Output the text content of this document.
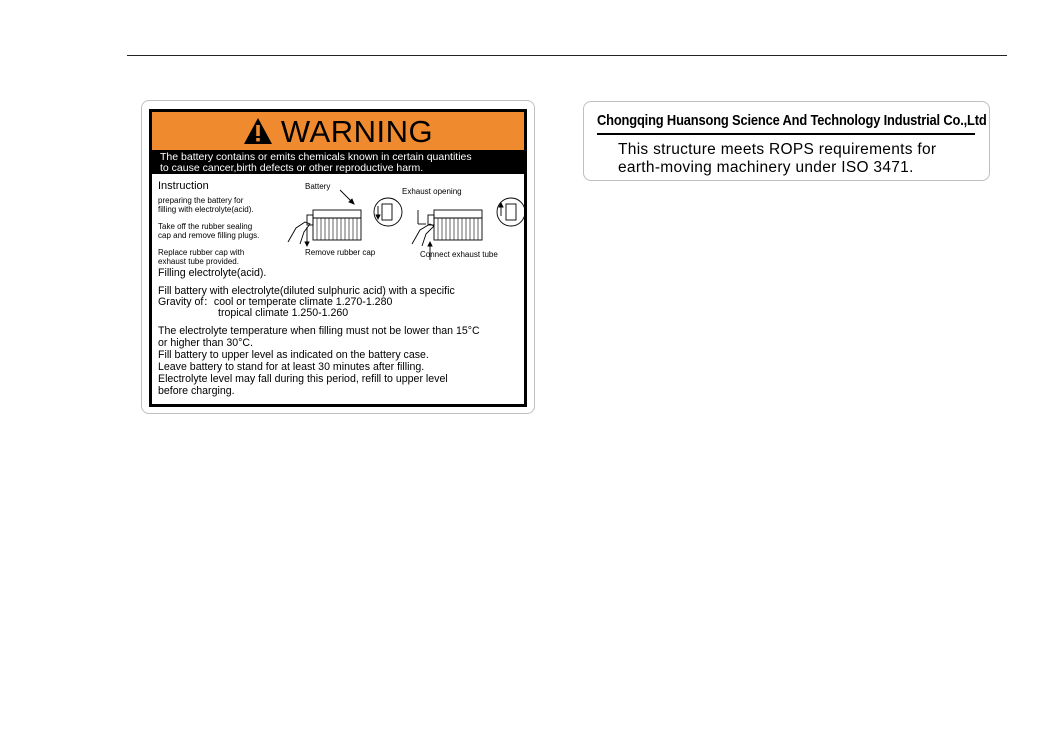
WARNING
The battery contains or emits chemicals known in certain quantities
to cause cancer,birth defects or other reproductive harm.
Instruction
preparing the battery for
filling with electrolyte(acid).
Take off the rubber sealing
cap and remove filling plugs.
Replace rubber cap with
exhaust tube provided.
Battery
Exhaust opening
Remove rubber cap	Connect exhaust tube
Filling electrolyte(acid).
Fill battery with electrolyte(diluted sulphuric acid) with a specific
Gravity of：cool or temperate climate 1.270-1.280
tropical climate 1.250-1.260
The electrolyte temperature when filling must not be lower than 15°C
or higher than 30°C.
Fill battery to upper level as indicated on the battery case.
Leave battery to stand for at least 30 minutes after filling.
Electrolyte level may fall during this period, refill to upper level
before charging.
Chongqing Huansong Science And Technology Industrial Co.,Ltd
This structure meets ROPS requirements for
earth-moving machinery under ISO 3471.
